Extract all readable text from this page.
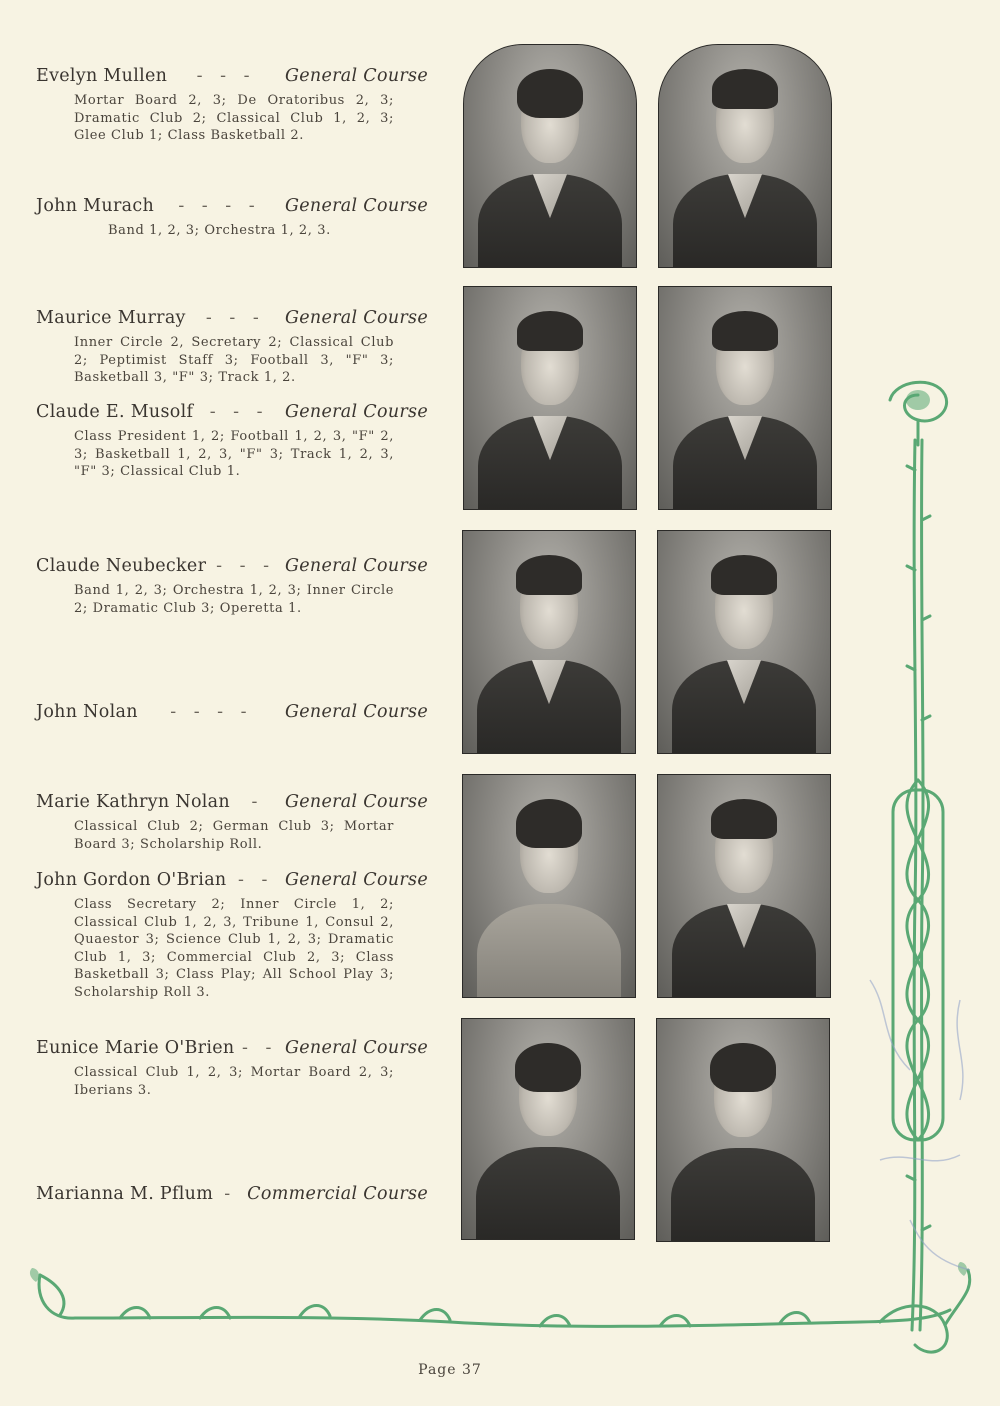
Evelyn Mullen	- - -	General Course
Mortar Board 2, 3; De Oratoribus 2, 3; Dramatic Club 2; Classical Club 1, 2, 3; Glee Club 1; Class Basketball 2.
John Murach	- - - -	General Course
Band 1, 2, 3; Orchestra 1, 2, 3.
Maurice Murray	- - -	General Course
Inner Circle 2, Secretary 2; Classical Club 2; Peptimist Staff 3; Football 3, "F" 3; Basketball 3, "F" 3; Track 1, 2.
Claude E. Musolf - - - General Course
Class President 1, 2; Football 1, 2, 3, "F" 2, 3; Basketball 1, 2, 3, "F" 3; Track 1, 2, 3, "F" 3; Classical Club 1.
Claude Neubecker - - - General Course
Band 1, 2, 3; Orchestra 1, 2, 3; Inner Circle 2; Dramatic Club 3; Operetta 1.
John Nolan	- - - -	General Course
Marie Kathryn Nolan	-	General Course
Classical Club 2; German Club 3; Mortar Board 3; Scholarship Roll.
John Gordon O'Brian - - General Course
Class Secretary 2; Inner Circle 1, 2; Classical Club 1, 2, 3, Tribune 1, Consul 2, Quaestor 3; Science Club 1, 2, 3; Dramatic Club 1, 3; Commercial Club 2, 3; Class Basketball 3; Class Play; All School Play 3; Scholarship Roll 3.
Eunice Marie O'Brien - - General Course
Classical Club 1, 2, 3; Mortar Board 2, 3; Iberians 3.
Marianna M. Pflum - Commercial Course
Page 37
